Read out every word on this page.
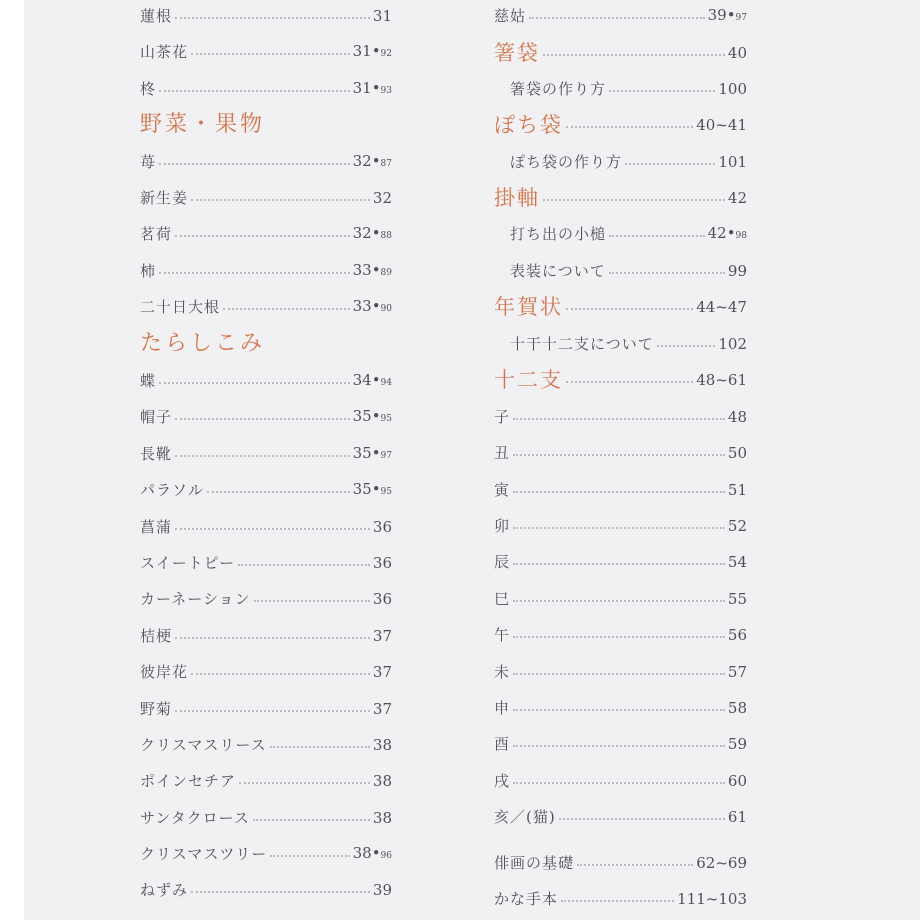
蓮根	31
山茶花	31•92
柊	31•93
野菜・果物
苺	32•87
新生姜	32
茗荷	32•88
柿	33•89
二十日大根	33•90
たらしこみ
蝶	34•94
帽子	35•95
長靴	35•97
パラソル	35•95
菖蒲	36
スイートピー	36
カーネーション	36
桔梗	37
彼岸花	37
野菊	37
クリスマスリース	38
ポインセチア	38
サンタクロース	38
クリスマスツリー	38•96
ねずみ	39
慈姑	39•97
箸袋	40
箸袋の作り方	100
ぽち袋	40~41
ぽち袋の作り方	101
掛軸	42
打ち出の小槌	42•98
表装について	99
年賀状	44~47
十干十二支について	102
十二支	48~61
子	48
丑	50
寅	51
卯	52
辰	54
巳	55
午	56
未	57
申	58
酉	59
戌	60
亥／(猫)	61
俳画の基礎	62~69
かな手本	111~103
